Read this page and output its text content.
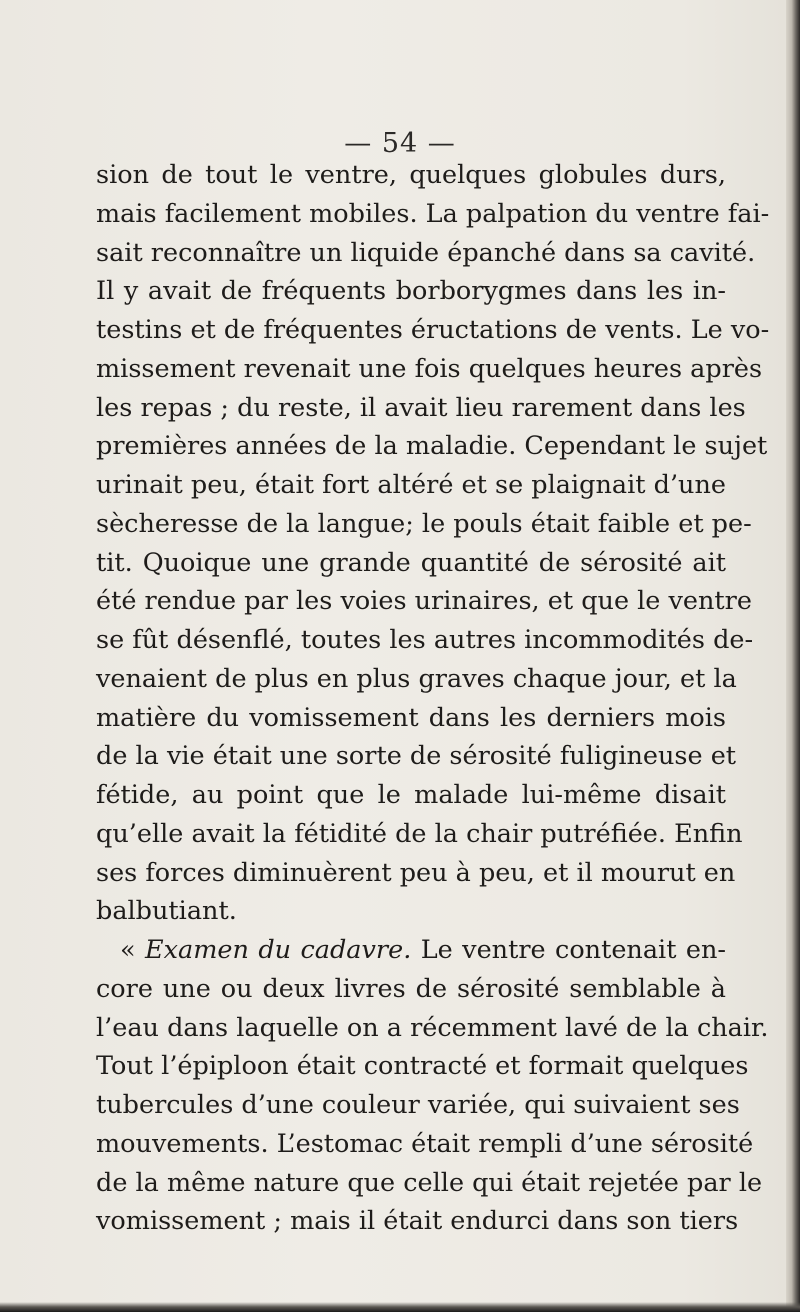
— 54 —
sion de tout le ventre, quelques globules durs,
mais facilement mobiles. La palpation du ventre fai-
sait reconnaître un liquide épanché dans sa cavité.
Il y avait de fréquents borborygmes dans les in-
testins et de fréquentes éructations de vents. Le vo-
missement revenait une fois quelques heures après
les repas ; du reste, il avait lieu rarement dans les
premières années de la maladie. Cependant le sujet
urinait peu, était fort altéré et se plaignait d’une
sècheresse de la langue; le pouls était faible et pe-
tit. Quoique une grande quantité de sérosité ait
été rendue par les voies urinaires, et que le ventre
se fût désenflé, toutes les autres incommodités de-
venaient de plus en plus graves chaque jour, et la
matière du vomissement dans les derniers mois
de la vie était une sorte de sérosité fuligineuse et
fétide, au point que le malade lui-même disait
qu’elle avait la fétidité de la chair putréfiée. Enfin
ses forces diminuèrent peu à peu, et il mourut en
balbutiant.
« Examen du cadavre. Le ventre contenait en-
core une ou deux livres de sérosité semblable à
l’eau dans laquelle on a récemment lavé de la chair.
Tout l’épiploon était contracté et formait quelques
tubercules d’une couleur variée, qui suivaient ses
mouvements. L’estomac était rempli d’une sérosité
de la même nature que celle qui était rejetée par le
vomissement ; mais il était endurci dans son tiers
